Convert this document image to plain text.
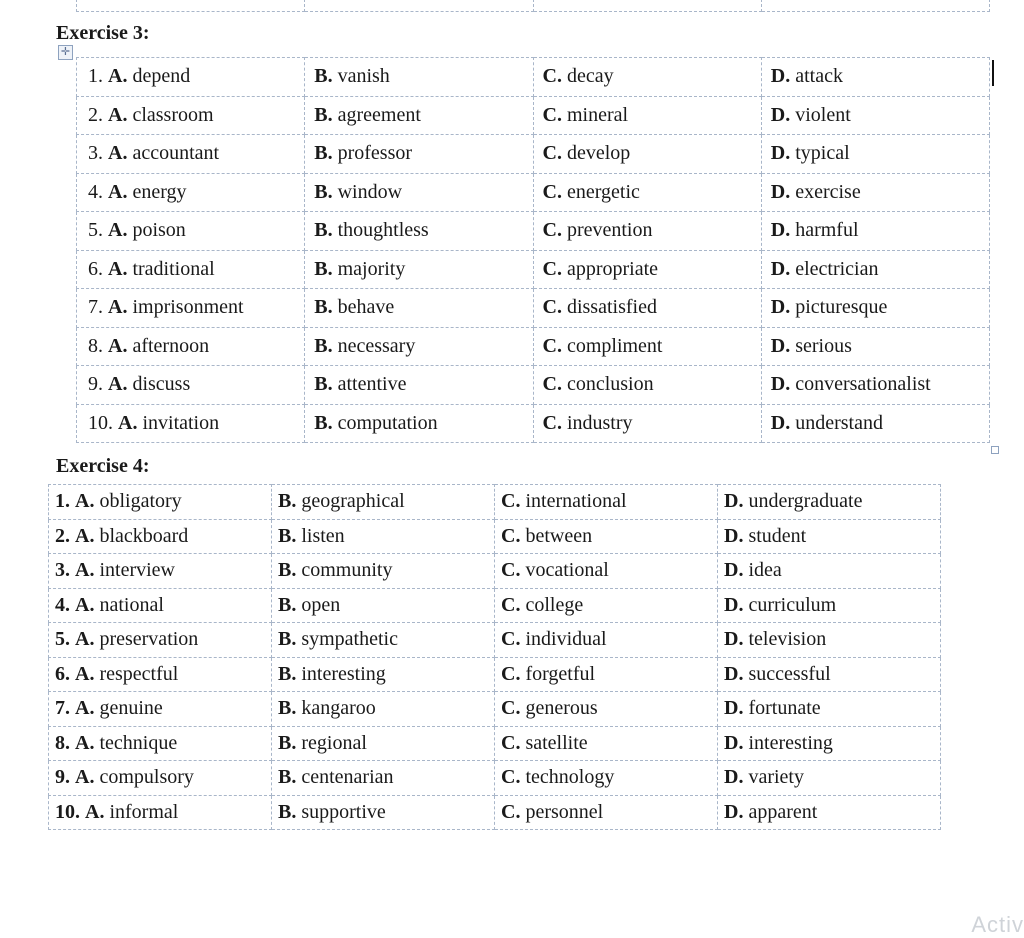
Exercise 3:
✛
1. A. depend	B. vanish	C. decay	D. attack
2. A. classroom	B. agreement	C. mineral	D. violent
3. A. accountant	B. professor	C. develop	D. typical
4. A. energy	B. window	C. energetic	D. exercise
5. A. poison	B. thoughtless	C. prevention	D. harmful
6. A. traditional	B. majority	C. appropriate	D. electrician
7. A. imprisonment	B. behave	C. dissatisfied	D. picturesque
8. A. afternoon	B. necessary	C. compliment	D. serious
9. A. discuss	B. attentive	C. conclusion	D. conversationalist
10. A. invitation	B. computation	C. industry	D. understand
Exercise 4:
1. A. obligatory	B. geographical	C. international	D. undergraduate
2. A. blackboard	B. listen	C. between	D. student
3. A. interview	B. community	C. vocational	D. idea
4. A. national	B. open	C. college	D. curriculum
5. A. preservation	B. sympathetic	C. individual	D. television
6. A. respectful	B. interesting	C. forgetful	D. successful
7. A. genuine	B. kangaroo	C. generous	D. fortunate
8. A. technique	B. regional	C. satellite	D. interesting
9. A. compulsory	B. centenarian	C. technology	D. variety
10. A. informal	B. supportive	C. personnel	D. apparent
Activ
